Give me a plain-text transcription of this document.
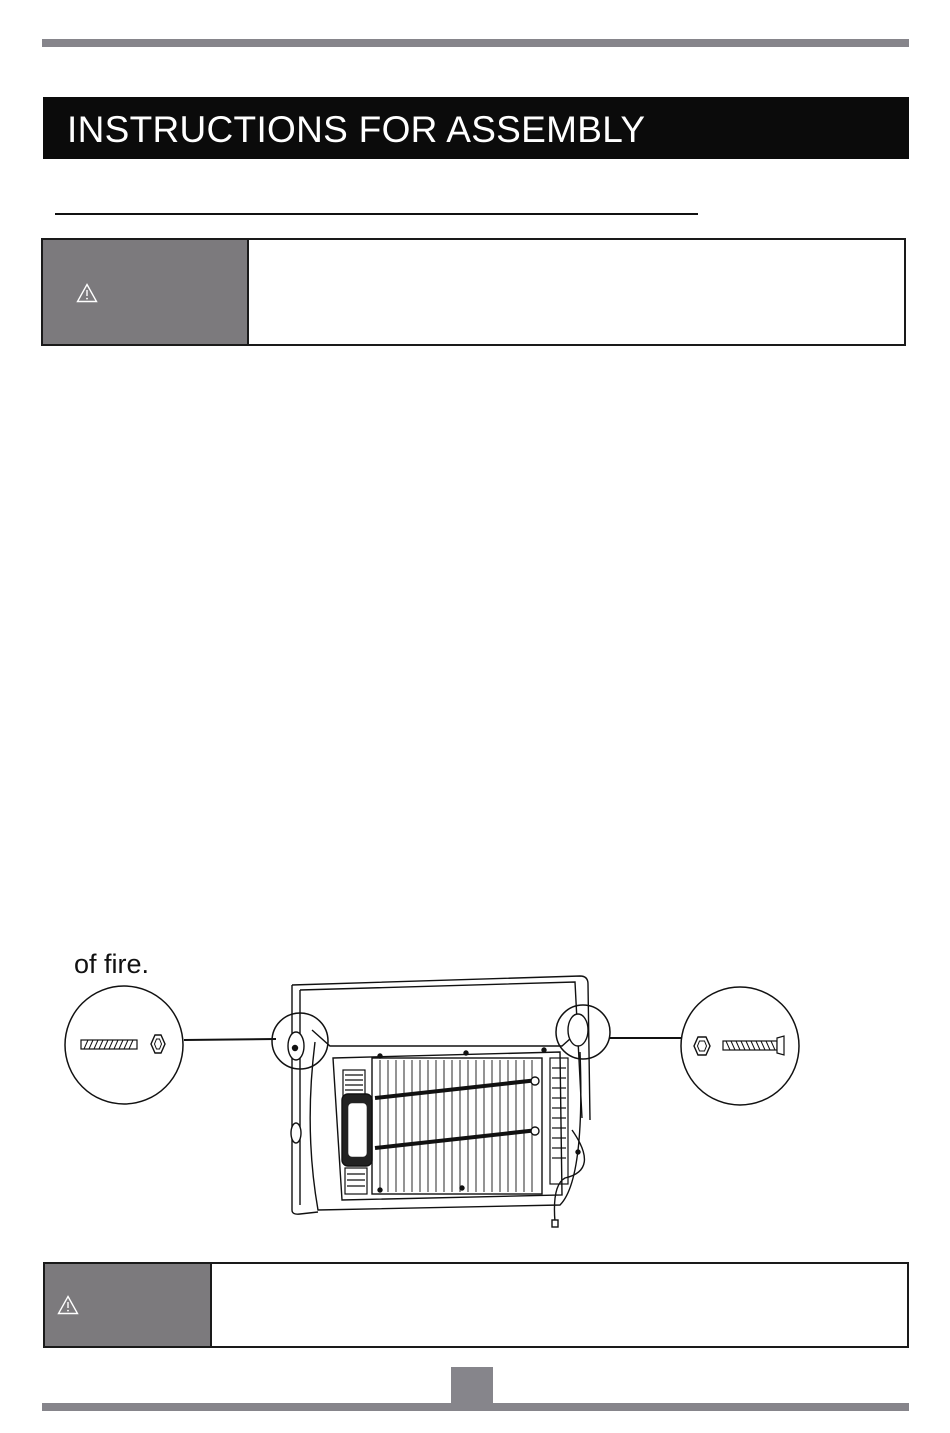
INSTRUCTIONS FOR ASSEMBLY
of fire.
